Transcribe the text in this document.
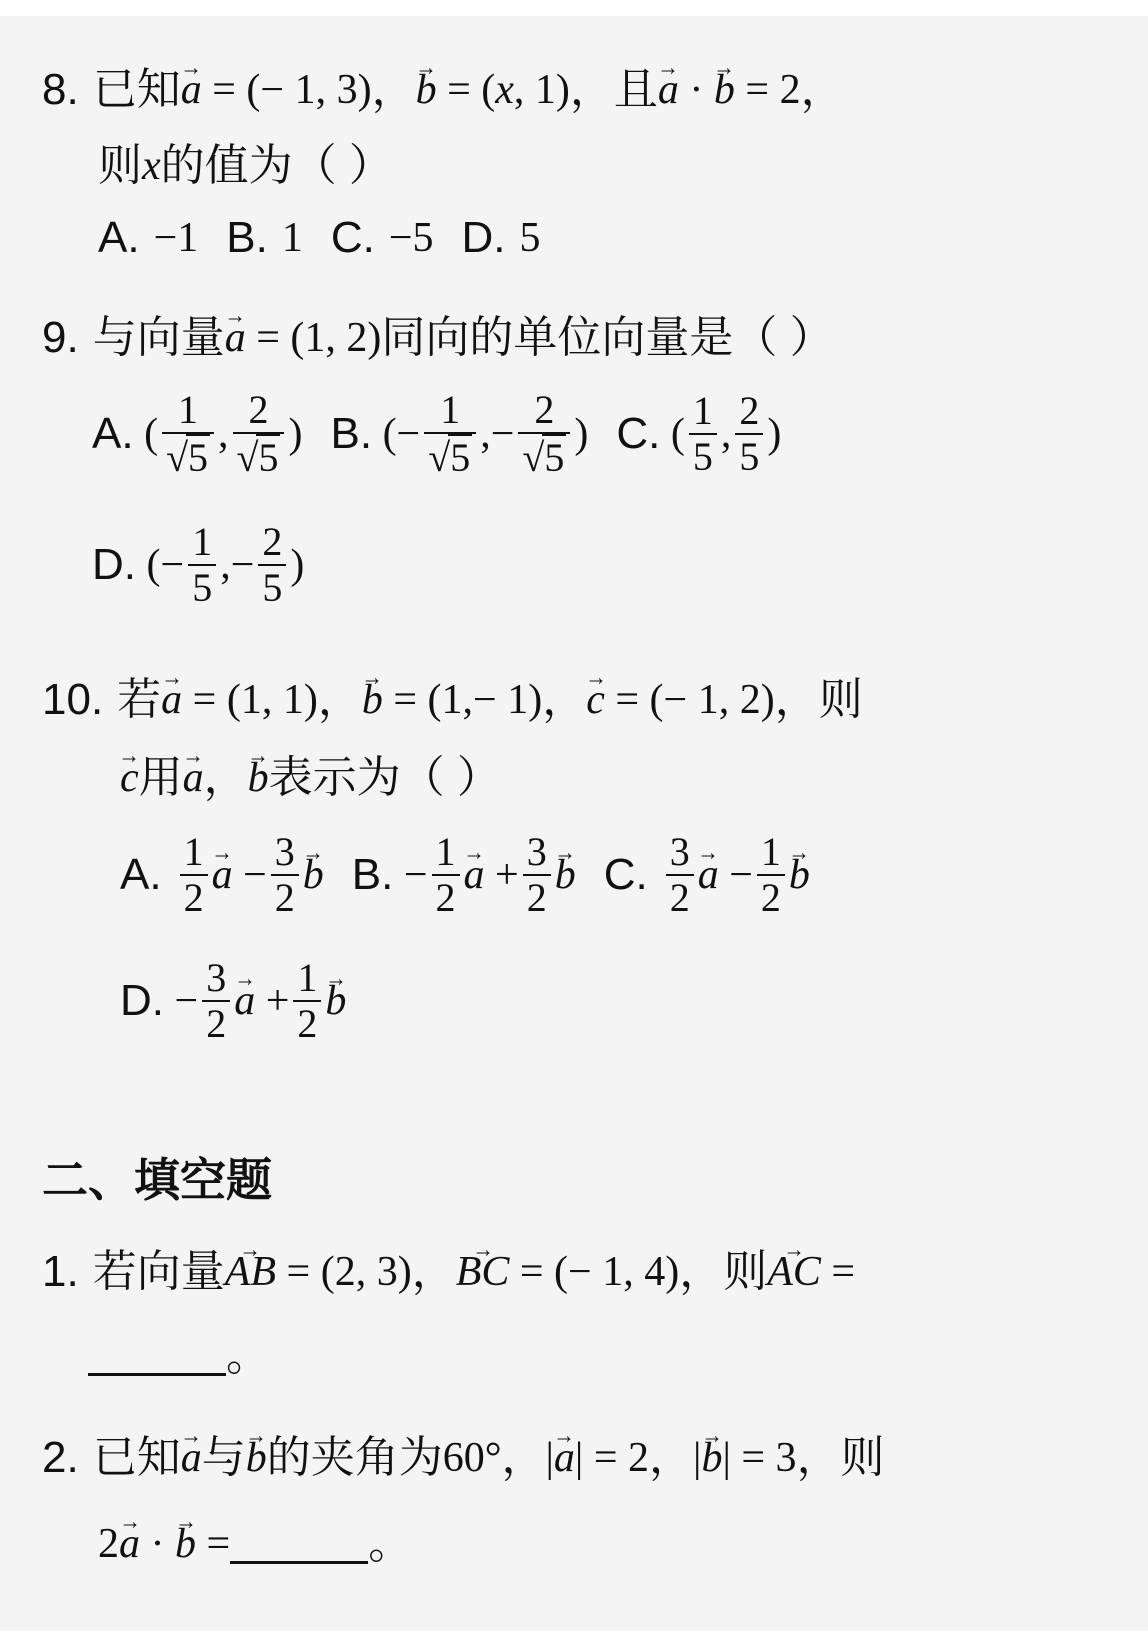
8. 已知
→ a = (− 1, 3) ，
→ b = (x, 1) ，且
→ a ·
→ b = 2 ，
则 x 的值为（ ）
A. −1 B. 1 C. −5 D. 5
9. 与向量
→ a = (1, 2) 同向的单位向量是（ ）
A. ( $\frac{1}{√ 5}$ , $\frac{2}{√ 5}$ ) B. (− $\frac{1}{√ 5}$ ,− $\frac{2}{√ 5}$ ) C. ( $\frac{1}{5}$ , $\frac{2}{5}$ )
D. (− $\frac{1}{5}$ ,− $\frac{2}{5}$ )
10. 若
→ a = (1, 1) ，
→ b = (1,− 1) ，
→ c = (− 1, 2) ，则
→ c 用
→ a ，
→ b 表示为（ ）
A. $\frac{1}{2}$
→ $a - \frac{3}{2}$
→ b B. − $\frac{1}{2}$
→ $a + \frac{3}{2}$
→ b C. $\frac{3}{2}$
→ $a - \frac{1}{2}$
→ b
D. − $\frac{3}{2}$
→ $a + \frac{1}{2}$
→ b
二、填空题
1. 若向量
→ AB = (2, 3) ，
→ BC = (− 1, 4) ，则
→ AC =
。
2. 已知
→ a 与
→ b 的夹角为 60° ， |
→ a | = 2 ， |
→ b | = 3 ，则
2
→ a ·
→ b =	。
